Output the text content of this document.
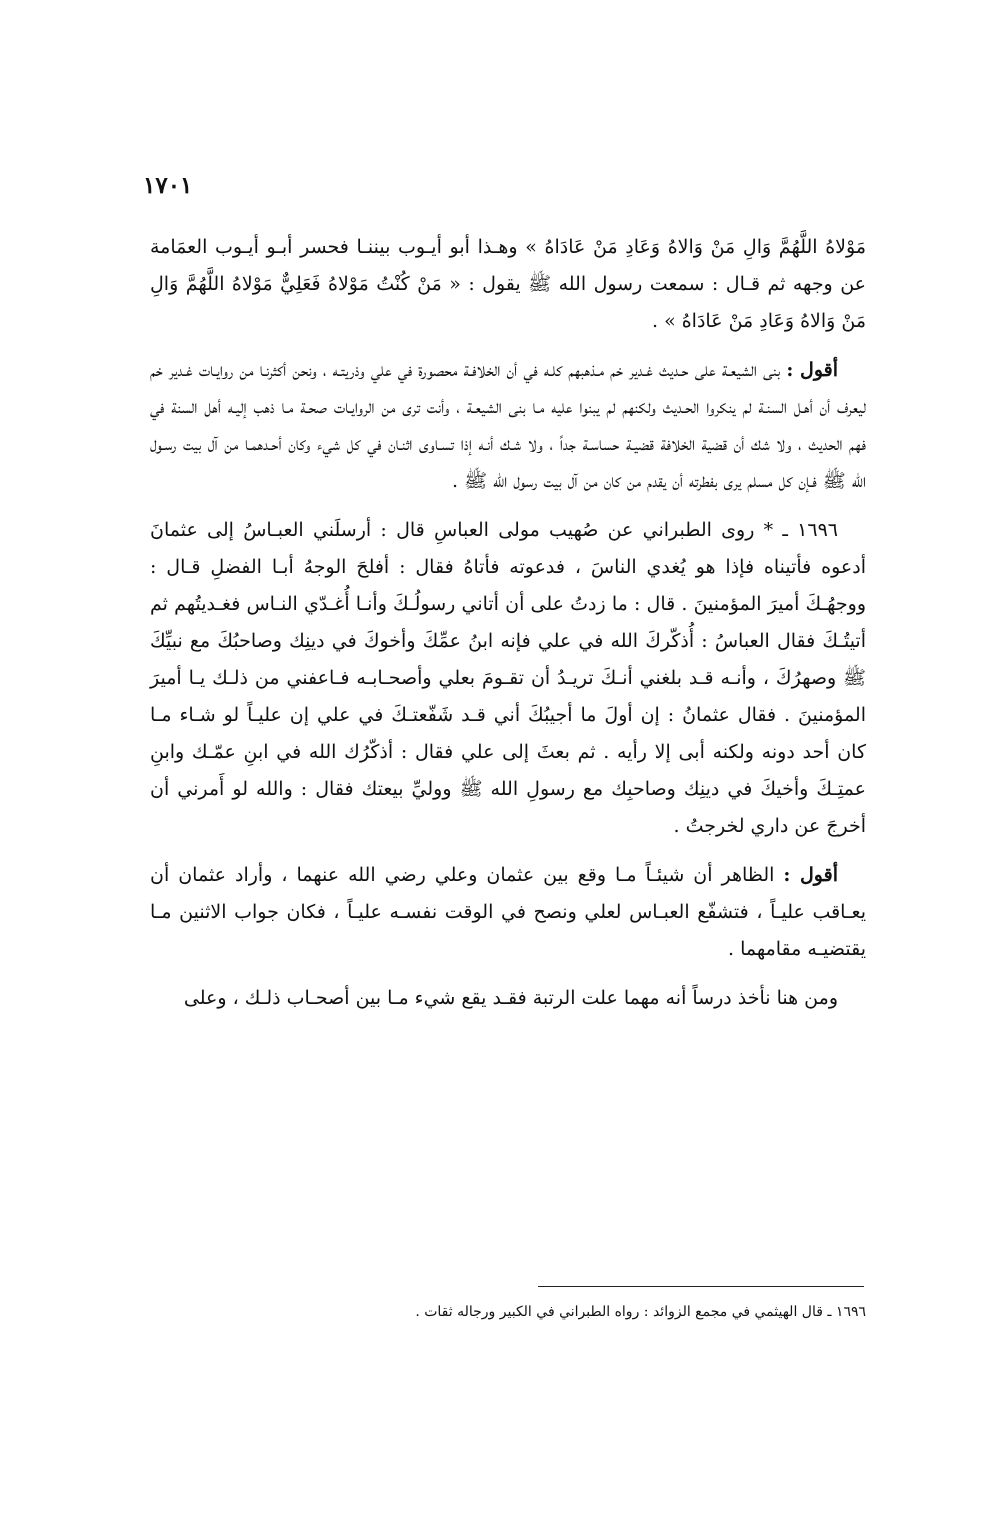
١٧٠١

مَوْلاهُ اللَّهُمَّ وَالِ مَنْ وَالاهُ وَعَادِ مَنْ عَادَاهُ » وهـذا أبو أيـوب بيننـا فحسر أبـو أيـوب العمَامة عن وجهه ثم قـال : سمعت رسول الله ﷺ يقول : « مَنْ كُنْتُ مَوْلاهُ فَعَلِيٌّ مَوْلاهُ اللَّهُمَّ وَالِ مَنْ وَالاهُ وَعَادِ مَنْ عَادَاهُ » .

أقول : بنى الشيعـة على حـديث غـدير خم مـذهبهم كلـه في أن الخلافـة محصورة في علي وذريتـه ، ونحن أكثرنـا من روايـات غـدير خم ليعرف أن أهـل السنـة لم ينكروا الحـديث ولكنهم لم يبنوا عليه مـا بنى الشيعـة ، وأنت ترى من الروايـات صحـة مـا ذهب إليـه أهل السنة في فهم الحديث ، ولا شك أن قضية الخلافة قضيـة حساسـة جداً ، ولا شـك أنـه إذا تسـاوى اثنـان في كل شيء وكان أحـدهمـا من آل بيت رسـول الله ﷺ فـإن كل مسلم يرى بفطرته أن يقدم من كان من آل بيت رسول الله ﷺ .

١٦٩٦ ـ * روى الطبراني عن صُهيب مولى العباسِ قال : أرسلَني العبـاسُ إلى عثمانَ أدعوه فأتيناه فإذا هو يُغدي الناسَ ، فدعوته فأتاهُ فقال : أفلحَ الوجهُ أبـا الفضلِ قـال : ووجهُـكَ أميرَ المؤمنينَ . قال : ما زدتُ على أن أتاني رسولُـكَ وأنـا أُغـدّي النـاس فغـديتُهم ثم أتيتُـكَ فقال العباسُ : أُذكّركَ الله في علي فإنه ابنُ عمِّكَ وأخوكَ في دينِك وصاحبُكَ مع نبيِّكَ ﷺ وصهرُكَ ، وأنـه قـد بلغني أنـكَ تريـدُ أن تقـومَ بعلي وأصحـابـه فـاعفني من ذلـك يـا أميرَ المؤمنينَ . فقال عثمانُ : إن أولَ ما أجيبُكَ أني قـد شَفّعتـكَ في علي إن عليـاً لو شـاء مـا كان أحد دونه ولكنه أبى إلا رأيه . ثم بعثَ إلى علي فقال : أذكّرُك الله في ابنِ عمّـك وابنِ عمتِـكَ وأخيكَ في دينِك وصاحبِك مع رسولِ الله ﷺ ووليِّ بيعتك فقال : والله لو أَمرني أن أخرجَ عن داري لخرجتُ .

أقول : الظاهر أن شيئـاً مـا وقع بين عثمان وعلي رضي الله عنهما ، وأراد عثمان أن يعـاقب عليـاً ، فتشفّع العبـاس لعلي ونصح في الوقت نفسـه عليـاً ، فكان جواب الاثنين مـا يقتضيـه مقامهما .

ومن هنا نأخذ درساً أنه مهما علت الرتبة فقـد يقع شيء مـا بين أصحـاب ذلـك ، وعلى

١٦٩٦ ـ قال الهيثمي في مجمع الزوائد : رواه الطبراني في الكبير ورجاله ثقات .
